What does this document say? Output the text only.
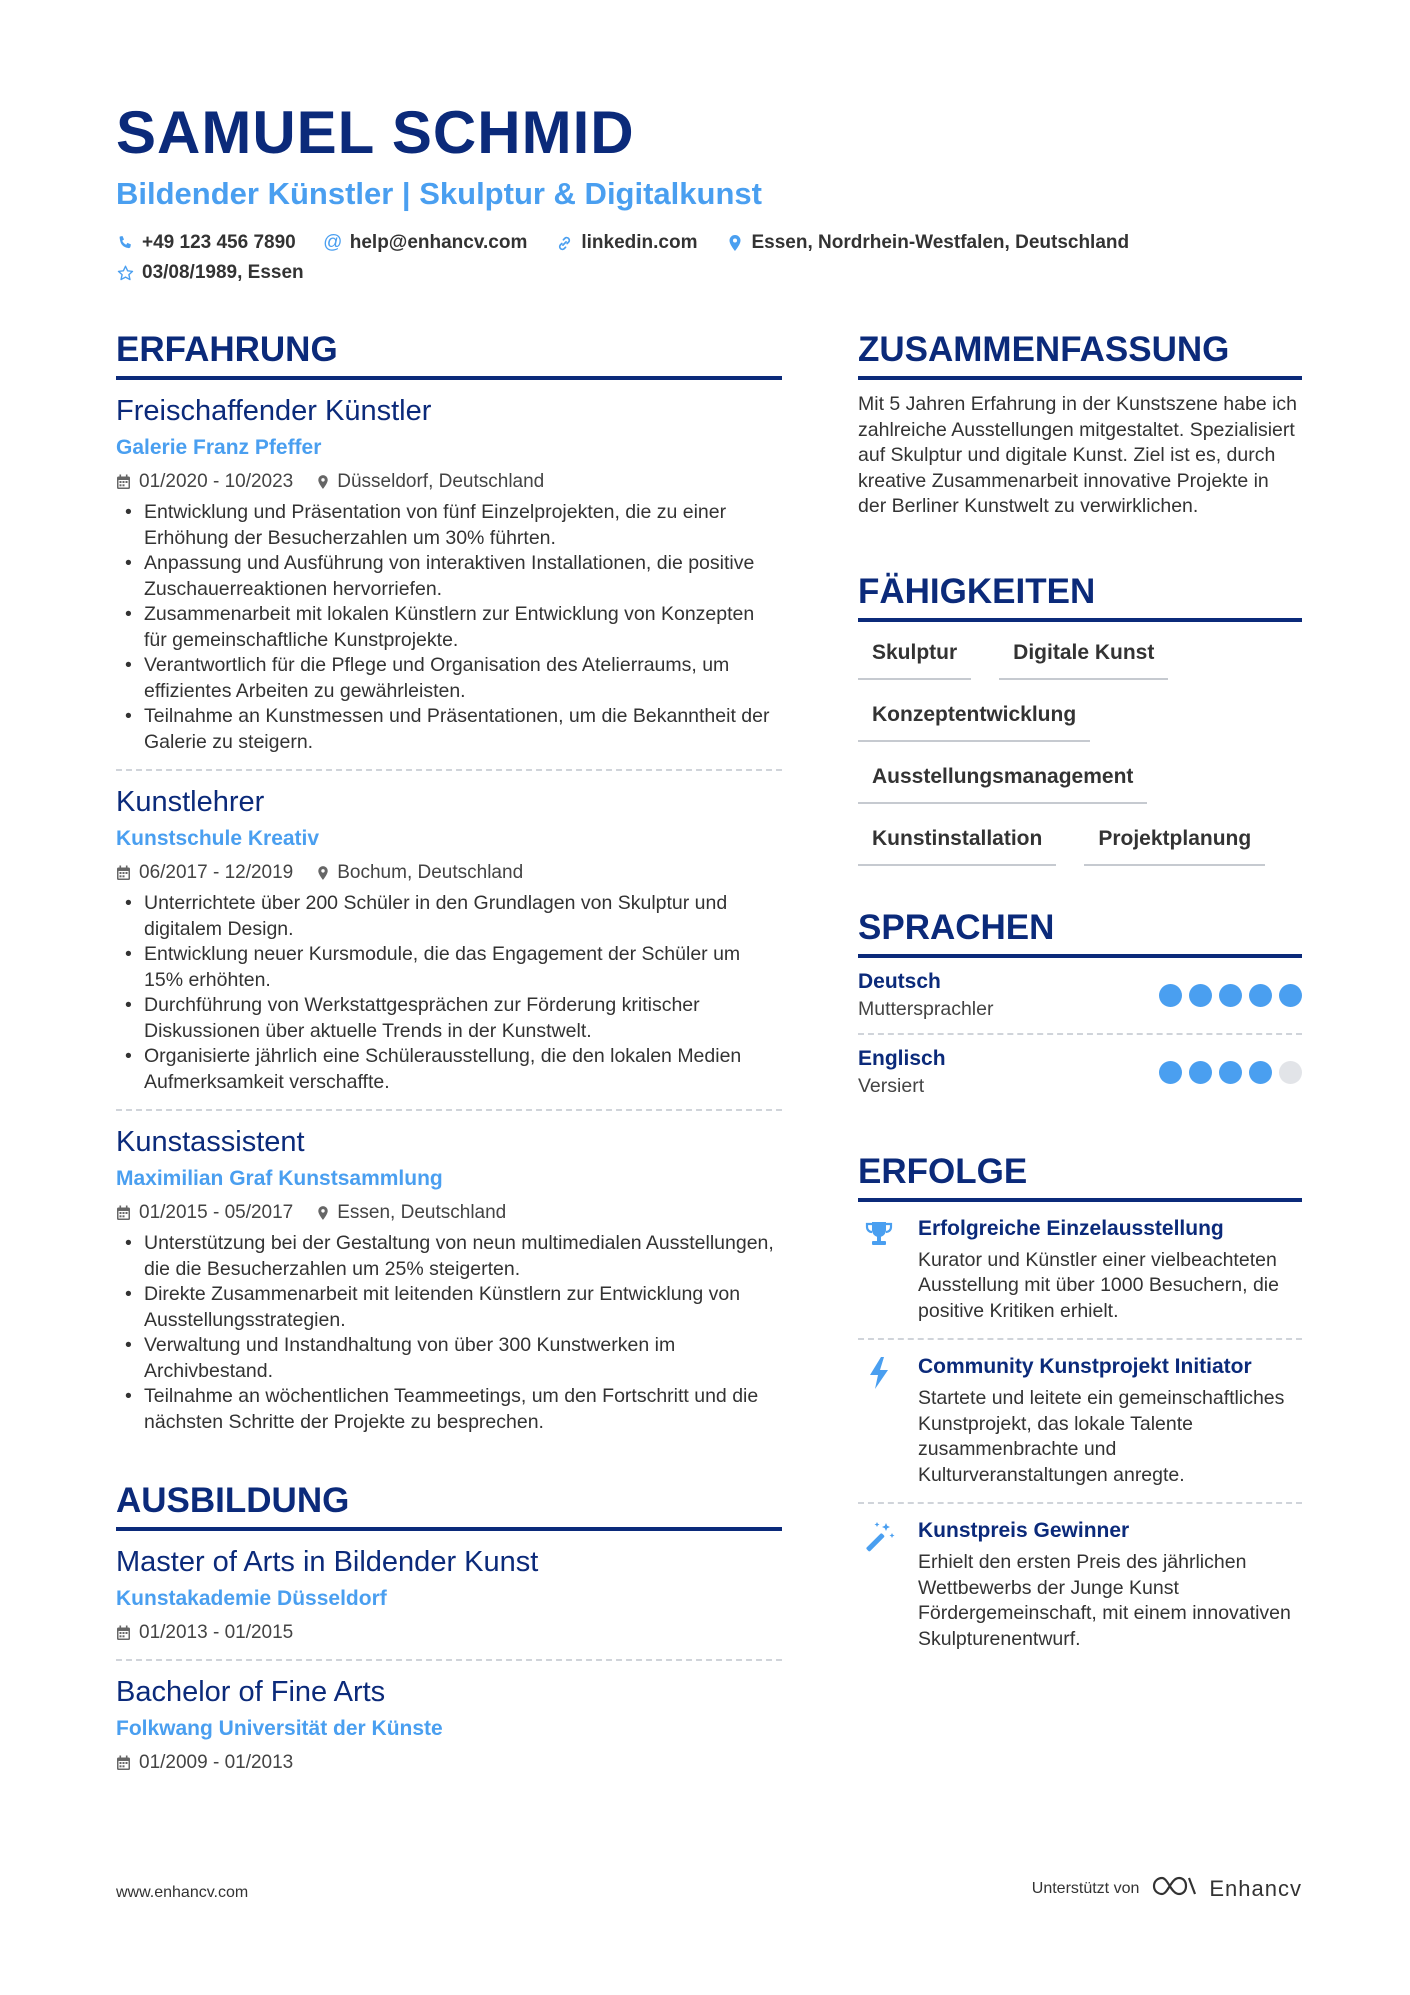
SAMUEL SCHMID
Bildender Künstler | Skulptur & Digitalkunst
+49 123 456 7890 @ help@enhancv.com	linkedin.com	Essen, Nordrhein-Westfalen, Deutschland
03/08/1989, Essen
ERFAHRUNG
Freischaffender Künstler
Galerie Franz Pfeffer
01/2020 - 10/2023 Düsseldorf, Deutschland
• Entwicklung und Präsentation von fünf Einzelprojekten, die zu einer Erhöhung der Besucherzahlen um 30% führten.
• Anpassung und Ausführung von interaktiven Installationen, die positive Zuschauerreaktionen hervorriefen.
• Zusammenarbeit mit lokalen Künstlern zur Entwicklung von Konzepten für gemeinschaftliche Kunstprojekte.
• Verantwortlich für die Pflege und Organisation des Atelierraums, um effizientes Arbeiten zu gewährleisten.
• Teilnahme an Kunstmessen und Präsentationen, um die Bekanntheit der Galerie zu steigern.
Kunstlehrer
Kunstschule Kreativ
06/2017 - 12/2019 Bochum, Deutschland
• Unterrichtete über 200 Schüler in den Grundlagen von Skulptur und digitalem Design.
• Entwicklung neuer Kursmodule, die das Engagement der Schüler um 15% erhöhten.
• Durchführung von Werkstattgesprächen zur Förderung kritischer Diskussionen über aktuelle Trends in der Kunstwelt.
• Organisierte jährlich eine Schülerausstellung, die den lokalen Medien Aufmerksamkeit verschaffte.
Kunstassistent
Maximilian Graf Kunstsammlung
01/2015 - 05/2017 Essen, Deutschland
• Unterstützung bei der Gestaltung von neun multimedialen Ausstellungen, die die Besucherzahlen um 25% steigerten.
• Direkte Zusammenarbeit mit leitenden Künstlern zur Entwicklung von Ausstellungsstrategien.
• Verwaltung und Instandhaltung von über 300 Kunstwerken im Archivbestand.
• Teilnahme an wöchentlichen Teammeetings, um den Fortschritt und die nächsten Schritte der Projekte zu besprechen.
AUSBILDUNG
Master of Arts in Bildender Kunst
Kunstakademie Düsseldorf
01/2013 - 01/2015
Bachelor of Fine Arts
Folkwang Universität der Künste
01/2009 - 01/2013
ZUSAMMENFASSUNG
Mit 5 Jahren Erfahrung in der Kunstszene habe ich zahlreiche Ausstellungen mitgestaltet. Spezialisiert auf Skulptur und digitale Kunst. Ziel ist es, durch kreative Zusammenarbeit innovative Projekte in der Berliner Kunstwelt zu verwirklichen.
FÄHIGKEITEN
Skulptur	Digitale Kunst
Konzeptentwicklung
Ausstellungsmanagement
Kunstinstallation	Projektplanung
SPRACHEN
Deutsch
Muttersprachler
Englisch
Versiert
ERFOLGE
Erfolgreiche Einzelausstellung
Kurator und Künstler einer vielbeachteten Ausstellung mit über 1000 Besuchern, die positive Kritiken erhielt.
Community Kunstprojekt Initiator
Startete und leitete ein gemeinschaftliches Kunstprojekt, das lokale Talente zusammenbrachte und Kulturveranstaltungen anregte.
Kunstpreis Gewinner
Erhielt den ersten Preis des jährlichen Wettbewerbs der Junge Kunst Fördergemeinschaft, mit einem innovativen Skulpturenentwurf.
www.enhancv.com	Unterstützt von	Enhancv
